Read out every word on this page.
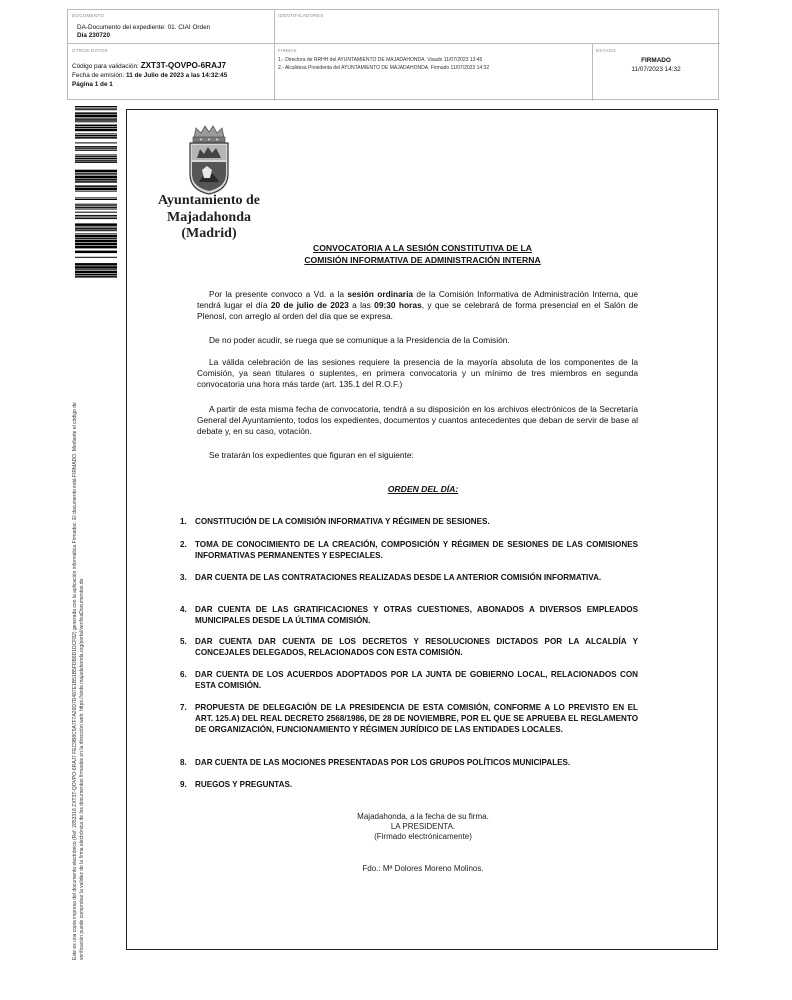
DOCUMENTO
DA-Documento del expediente: 01. CIAI Orden
Día 230720
IDENTIFICADORES
OTROS DATOS
Código para validación: ZXT3T-QOVPO-6RAJ7
Fecha de emisión: 11 de Julio de 2023 a las 14:32:45
Página 1 de 1
FIRMAS
1.- Directora de RRHH del AYUNTAMIENTO DE MAJADAHONDA. Visado 11/07/2023 13:45
2.- Alcaldesa Presidenta del AYUNTAMIENTO DE MAJADAHONDA. Firmado 11/07/2023 14:32
ESTADO
FIRMADO
11/07/2023 14:32
Este es una copia impresa del documento electrónico (Ref: 2853318 ZXT3T-QOVPO-6RAJ7 FEC9B8C5A7F7A26D7D487E1B51B5FDB8D1DCF82) generada con la aplicación informática Firmadoc. El documento está FIRMADO. Mediante el código de verificación puede comprobar la validez de la firma electrónica de los documentos firmados en la dirección web: https://sede.majadahonda.org/portal/verificaDocumentos.do
Ayuntamiento de
Majadahonda
(Madrid)
CONVOCATORIA A LA SESIÓN CONSTITUTIVA DE LA
COMISIÓN INFORMATIVA DE ADMINISTRACIÓN INTERNA
Por la presente convoco a Vd. a la sesión ordinaria de la Comisión Informativa de Administración Interna, que tendrá lugar el día 20 de julio de 2023 a las 09:30 horas, y que se celebrará de forma presencial en el Salón de Plenosl, con arreglo al orden del día que se expresa.
De no poder acudir, se ruega que se comunique a la Presidencia de la Comisión.
La válida celebración de las sesiones requiere la presencia de la mayoría absoluta de los componentes de la Comisión, ya sean titulares o suplentes, en primera convocatoria y un mínimo de tres miembros en segunda convocatoria una hora más tarde (art. 135.1 del R.O.F.)
A partir de esta misma fecha de convocatoria, tendrá a su disposición en los archivos electrónicos de la Secretaría General del Ayuntamiento, todos los expedientes, documentos y cuantos antecedentes que deban de servir de base al debate y, en su caso, votación.
Se tratarán los expedientes que figuran en el siguiente:
ORDEN DEL DÍA:
1. CONSTITUCIÓN DE LA COMISIÓN INFORMATIVA Y RÉGIMEN DE SESIONES.
2. TOMA DE CONOCIMIENTO DE LA CREACIÓN, COMPOSICIÓN Y RÉGIMEN DE SESIONES DE LAS COMISIONES INFORMATIVAS PERMANENTES Y ESPECIALES.
3. DAR CUENTA DE LAS CONTRATACIONES REALIZADAS DESDE LA ANTERIOR COMISIÓN INFORMATIVA.
4. DAR CUENTA DE LAS GRATIFICACIONES Y OTRAS CUESTIONES, ABONADOS A DIVERSOS EMPLEADOS MUNICIPALES DESDE LA ÚLTIMA COMISIÓN.
5. DAR CUENTA DAR CUENTA DE LOS DECRETOS Y RESOLUCIONES DICTADOS POR LA ALCALDÍA Y CONCEJALES DELEGADOS, RELACIONADOS CON ESTA COMISIÓN.
6. DAR CUENTA DE LOS ACUERDOS ADOPTADOS POR LA JUNTA DE GOBIERNO LOCAL, RELACIONADOS CON ESTA COMISIÓN.
7. PROPUESTA DE DELEGACIÓN DE LA PRESIDENCIA DE ESTA COMISIÓN, CONFORME A LO PREVISTO EN EL ART. 125.A) DEL REAL DECRETO 2568/1986, DE 28 DE NOVIEMBRE, POR EL QUE SE APRUEBA EL REGLAMENTO DE ORGANIZACIÓN, FUNCIONAMIENTO Y RÉGIMEN JURÍDICO DE LAS ENTIDADES LOCALES.
8. DAR CUENTA DE LAS MOCIONES PRESENTADAS POR LOS GRUPOS POLÍTICOS MUNICIPALES.
9. RUEGOS Y PREGUNTAS.
Majadahonda, a la fecha de su firma.
LA PRESIDENTA.
(Firmado electrónicamente)
Fdo.: Mª Dolores Moreno Molinos.
